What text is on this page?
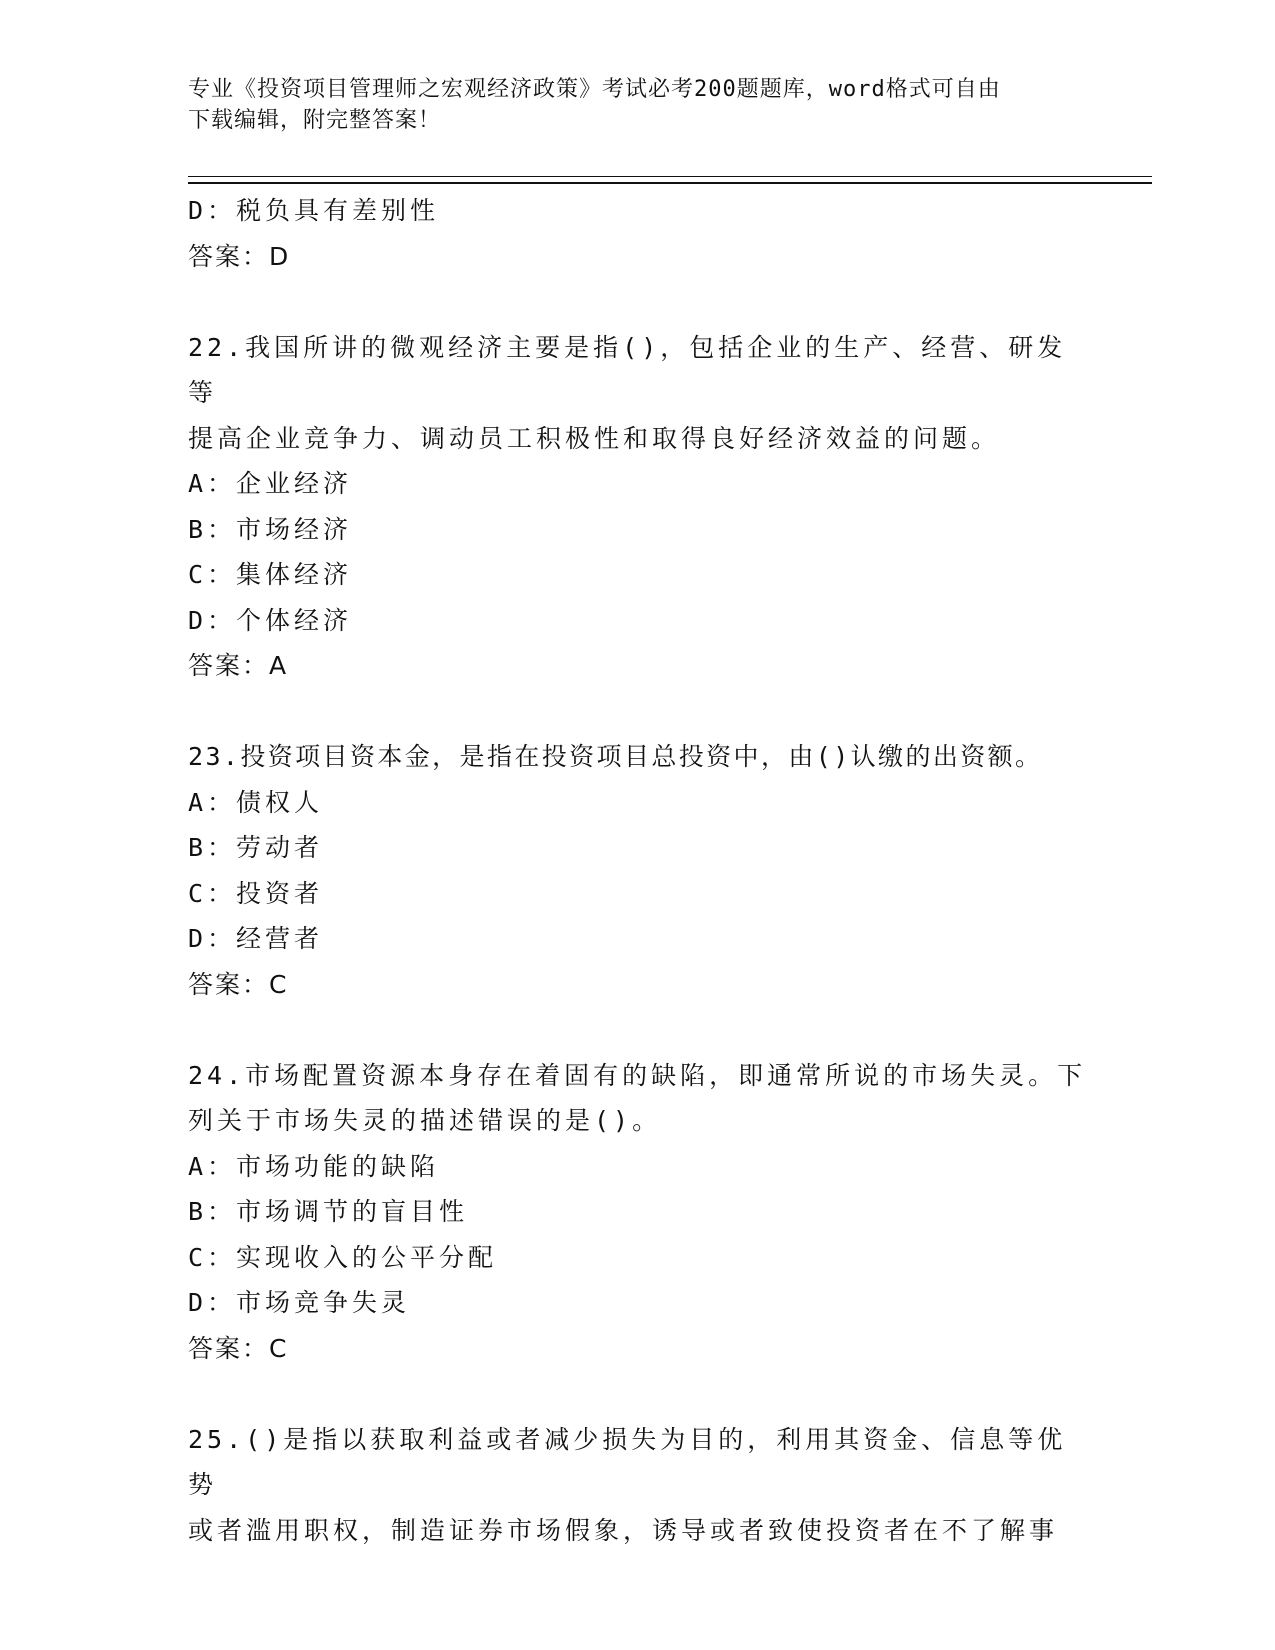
专业《投资项目管理师之宏观经济政策》考试必考200题题库，word格式可自由
下载编辑，附完整答案！
D：税负具有差别性
答案：D
22.我国所讲的微观经济主要是指()，包括企业的生产、经营、研发等
提高企业竞争力、调动员工积极性和取得良好经济效益的问题。
A：企业经济
B：市场经济
C：集体经济
D：个体经济
答案：A
23.投资项目资本金，是指在投资项目总投资中，由()认缴的出资额。
A：债权人
B：劳动者
C：投资者
D：经营者
答案：C
24.市场配置资源本身存在着固有的缺陷，即通常所说的市场失灵。下
列关于市场失灵的描述错误的是()。
A：市场功能的缺陷
B：市场调节的盲目性
C：实现收入的公平分配
D：市场竞争失灵
答案：C
25.()是指以获取利益或者减少损失为目的，利用其资金、信息等优势
或者滥用职权，制造证券市场假象，诱导或者致使投资者在不了解事
